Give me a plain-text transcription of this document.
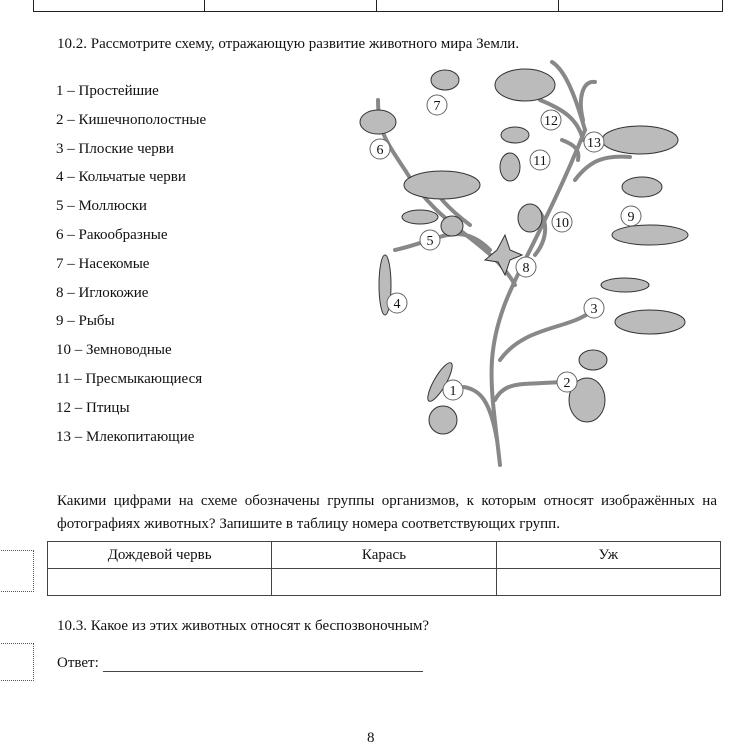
10.2. Рассмотрите схему, отражающую развитие животного мира Земли.
1 – Простейшие
2 – Кишечнополостные
3 – Плоские черви
4 – Кольчатые черви
5 – Моллюски
6 – Ракообразные
7 – Насекомые
8 – Иглокожие
9 – Рыбы
10 – Земноводные
11 – Пресмыкающиеся
12 – Птицы
13 – Млекопитающие
1
2
3
4
5
6
7
8
9
10
11
12
13
Какими цифрами на схеме обозначены группы организмов, к которым относят изображённых на фотографиях животных? Запишите в таблицу номера соответствующих групп.
Дождевой червь	Карась	Уж

10.3. Какое из этих животных относят к беспозвоночным?
Ответ:
8
